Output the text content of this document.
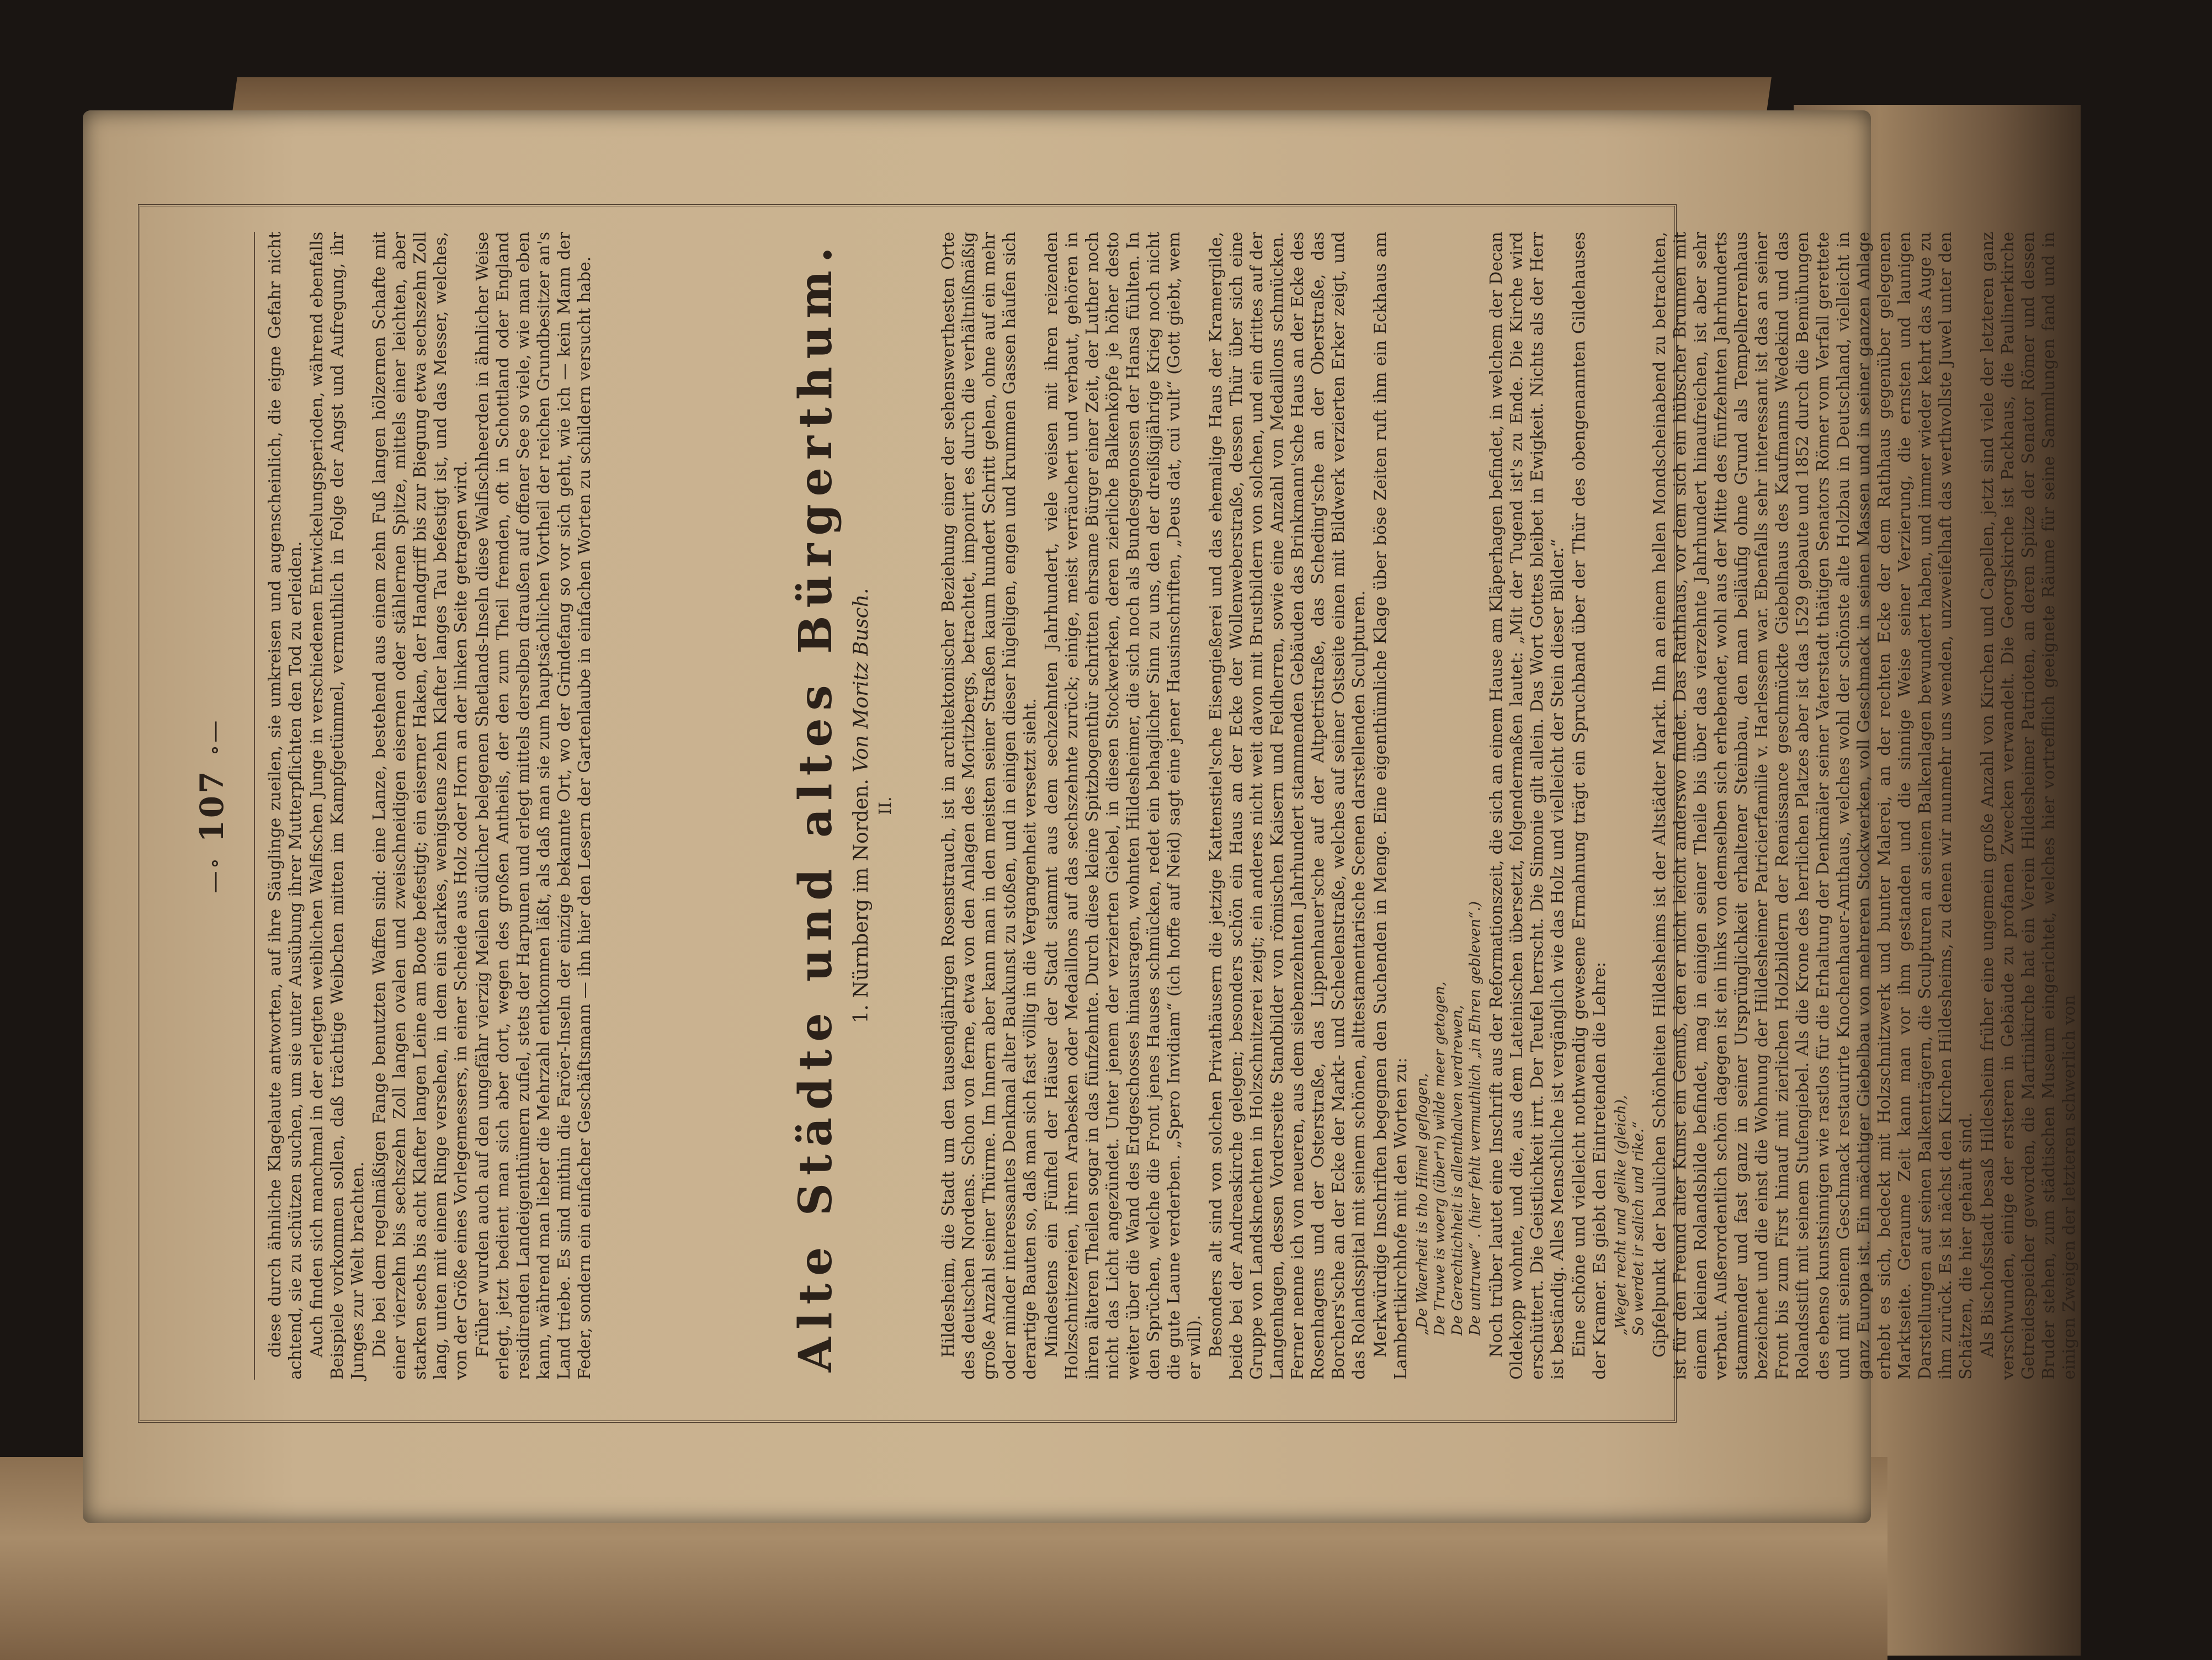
—∘ 107 ∘—	diese durch ähnliche Klagelaute antworten, auf ihre Säuglinge zueilen, sie umkreisen und augenscheinlich, die eigne Gefahr nicht achtend, sie zu schützen suchen, um sie unter Ausübung ihrer Mutterpflichten den Tod zu erleiden. Auch finden sich manchmal in der erlegten weiblichen Walfischen Junge in verschiedenen Entwickelungsperioden, während ebenfalls Beispiele vorkommen sollen, daß trächtige Weibchen mitten im Kampfgetümmel, vermuthlich in Folge der Angst und Aufregung, ihr Junges zur Welt brachten. Die bei dem regelmäßigen Fange benutzten Waffen sind: eine Lanze, bestehend aus einem zehn Fuß langen hölzernen Schafte mit einer vierzehn bis sechszehn Zoll langen ovalen und zweischneidigen eisernen oder stählernen Spitze, mittels einer leichten, aber starken sechs bis acht Klafter langen Leine am Boote befestigt; ein eiserner Haken, der Handgriff bis zur Biegung etwa sechszehn Zoll lang, unten mit einem Ringe versehen, in dem ein starkes, wenigstens zehn Klafter langes Tau befestigt ist, und das Messer, welches, von der Größe eines Vorlegemessers, in einer Scheide aus Holz oder Horn an der linken Seite getragen wird. Früher wurden auch auf den ungefähr vierzig Meilen südlicher belegenen Shetlands-Inseln diese Walfischheerden in ähnlicher Weise erlegt, jetzt bedient man sich aber dort, wegen des großen Antheils, der den zum Theil fremden, oft in Schottland oder England residirenden Landeigenthümern zufiel, stets der Harpunen und erlegt mittels derselben draußen auf offener See so viele, wie man eben kann, während man lieber die Mehrzahl entkommen läßt, als daß man sie zum hauptsächlichen Vortheil der reichen Grundbesitzer an's Land triebe. Es sind mithin die Faröer-Inseln der einzige bekannte Ort, wo der Grindefang so vor sich geht, wie ich — kein Mann der Feder, sondern ein einfacher Geschäftsmann — ihn hier den Lesern der Gartenlaube in einfachen Worten zu schildern versucht habe.	Alte Städte und altes Bürgerthum. 1. Nürnberg im Norden. Von Moritz Busch.
II.	Hildesheim, die Stadt um den tausendjährigen Rosenstrauch, ist in architektonischer Beziehung einer der sehenswerthesten Orte des deutschen Nordens. Schon von ferne, etwa von den Anlagen des Moritzbergs, betrachtet, imponirt es durch die verhältnißmäßig große Anzahl seiner Thürme. Im Innern aber kann man in den meisten seiner Straßen kaum hundert Schritt gehen, ohne auf ein mehr oder minder interessantes Denkmal alter Baukunst zu stoßen, und in einigen dieser hügeligen, engen und krummen Gassen häufen sich derartige Bauten so, daß man sich fast völlig in die Vergangenheit versetzt sieht. Mindestens ein Fünftel der Häuser der Stadt stammt aus dem sechzehnten Jahrhundert, viele weisen mit ihren reizenden Holzschnitzereien, ihren Arabesken oder Medaillons auf das sechszehnte zurück; einige, meist verräuchert und verbaut, gehören in ihren älteren Theilen sogar in das fünfzehnte. Durch diese kleine Spitzbogenthür schritten ehrsame Bürger einer Zeit, der Luther noch nicht das Licht angezündet. Unter jenem der verzierten Giebel, in diesen Stockwerken, deren zierliche Balkenköpfe je höher desto weiter über die Wand des Erdgeschosses hinausragen, wohnten Hildesheimer, die sich noch als Bundesgenossen der Hansa fühlten. In den Sprüchen, welche die Front jenes Hauses schmücken, redet ein behaglicher Sinn zu uns, den der dreißigjährige Krieg noch nicht die gute Laune verderben. „Spero Invidiam“ (ich hoffe auf Neid) sagt eine jener Hausinschriften, „Deus dat, cui vult“ (Gott giebt, wem er will). Besonders alt sind von solchen Privathäusern die jetzige Kattenstiel'sche Eisengießerei und das ehemalige Haus der Kramergilde, beide bei der Andreaskirche gelegen; besonders schön ein Haus an der Ecke der Wollenweberstraße, dessen Thür über sich eine Gruppe von Landsknechten in Holzschnitzerei zeigt; ein anderes nicht weit davon mit Brustbildern von solchen, und ein drittes auf der Langenhagen, dessen Vorderseite Standbilder von römischen Kaisern und Feldherren, sowie eine Anzahl von Medaillons schmücken. Ferner nenne ich von neueren, aus dem siebenzehnten Jahrhundert stammenden Gebäuden das Brinkmann'sche Haus an der Ecke des Rosenhagens und der Osterstraße, das Lippenhauer'sche auf der Altpetristraße, das Scheding'sche an der Oberstraße, das Borchers'sche an der Ecke der Markt- und Scheelenstraße, welches auf seiner Ostseite einen mit Bildwerk verzierten Erker zeigt, und das Rolandsspital mit seinem schönen, alttestamentarische Scenen darstellenden Sculpturen. Merkwürdige Inschriften begegnen den Suchenden in Menge. Eine eigenthümliche Klage über böse Zeiten ruft ihm ein Eckhaus am Lambertikirchhofe mit den Worten zu: „De Waerheit is tho Himel geflogen, De Truwe is woerg (über'n) wilde meer getogen, De Gerechtichheit is allenthalven verdrewen, De untruwe“ . (hier fehlt vermuthlich „in Ehren gebleven“.) Noch trüber lautet eine Inschrift aus der Reformationszeit, die sich an einem Hause am Kläperhagen befindet, in welchem der Decan Oldekopp wohnte, und die, aus dem Lateinischen übersetzt, folgendermaßen lautet: „Mit der Tugend ist's zu Ende. Die Kirche wird erschüttert. Die Geistlichkeit irrt. Der Teufel herrscht. Die Simonie gilt allein. Das Wort Gottes bleibet in Ewigkeit. Nichts als der Herr ist beständig. Alles Menschliche ist vergänglich wie das Holz und vielleicht der Stein dieser Bilder.“ Eine schöne und vielleicht nothwendig gewesene Ermahnung trägt ein Spruchband über der Thür des obengenannten Gildehauses der Kramer. Es giebt den Eintretenden die Lehre: „Weget recht und gelike (gleich), So werdet ir salich und rike.“ Gipfelpunkt der baulichen Schönheiten Hildesheims ist der Altstädter Markt. Ihn an einem hellen Mondscheinabend zu betrachten, ist für den Freund alter Kunst ein Genuß, den er nicht leicht anderswo findet. Das Rathhaus, vor dem sich ein hübscher Brunnen mit einem kleinen Rolandsbilde befindet, mag in einigen seiner Theile bis über das vierzehnte Jahrhundert hinaufreichen, ist aber sehr verbaut. Außerordentlich schön dagegen ist ein links von demselben sich erhebender, wohl aus der Mitte des fünfzehnten Jahrhunderts stammender und fast ganz in seiner Ursprünglichkeit erhaltener Steinbau, den man beiläufig ohne Grund als Tempelherrenhaus bezeichnet und die einst die Wohnung der Hildesheimer Patricierfamilie v. Harlessem war. Ebenfalls sehr interessant ist das an seiner Front bis zum First hinauf mit zierlichen Holzbildern der Renaissance geschmückte Giebelhaus des Kaufmanns Wedekind und das Rolandsstift mit seinem Stufengiebel. Als die Krone des herrlichen Platzes aber ist das 1529 gebaute und 1852 durch die Bemühungen des ebenso kunstsinnigen wie rastlos für die Erhaltung der Denkmäler seiner Vaterstadt thätigen Senators Römer vom Verfall gerettete und mit seinem Geschmack restaurirte Knochenhauer-Amthaus, welches wohl der schönste alte Holzbau in Deutschland, vielleicht in ganz Europa ist. Ein mächtiger Giebelbau von mehreren Stockwerken, voll Geschmack in seinen Massen und in seiner ganzen Anlage erhebt es sich, bedeckt mit Holzschnitzwerk und bunter Malerei, an der rechten Ecke der dem Rathhaus gegenüber gelegenen Marktseite. Geraume Zeit kann man vor ihm gestanden und die sinnige Weise seiner Verzierung, die ernsten und launigen Darstellungen auf seinen Balkenträgern, die Sculpturen an seinen Balkenlagen bewundert haben, und immer wieder kehrt das Auge zu ihm zurück. Es ist nächst den Kirchen Hildesheims, zu denen wir nunmehr uns wenden, unzweifelhaft das werthvollste Juwel unter den Schätzen, die hier gehäuft sind. Als Bischofsstadt besaß Hildesheim früher eine ungemein große Anzahl von Kirchen und Capellen, jetzt sind viele der letzteren ganz verschwunden, einige der ersteren in Gebäude zu profanen Zwecken verwandelt. Die Georgskirche ist Packhaus, die Paulinerkirche Getreidespeicher geworden, die Martinikirche hat ein Verein Hildesheimer Patrioten, an deren Spitze der Senator Römer und dessen Bruder stehen, zum städtischen Museum eingerichtet, welches hier vortrefflich geeignete Räume für seine Sammlungen fand und in einigen Zweigen der letzteren schwerlich von
